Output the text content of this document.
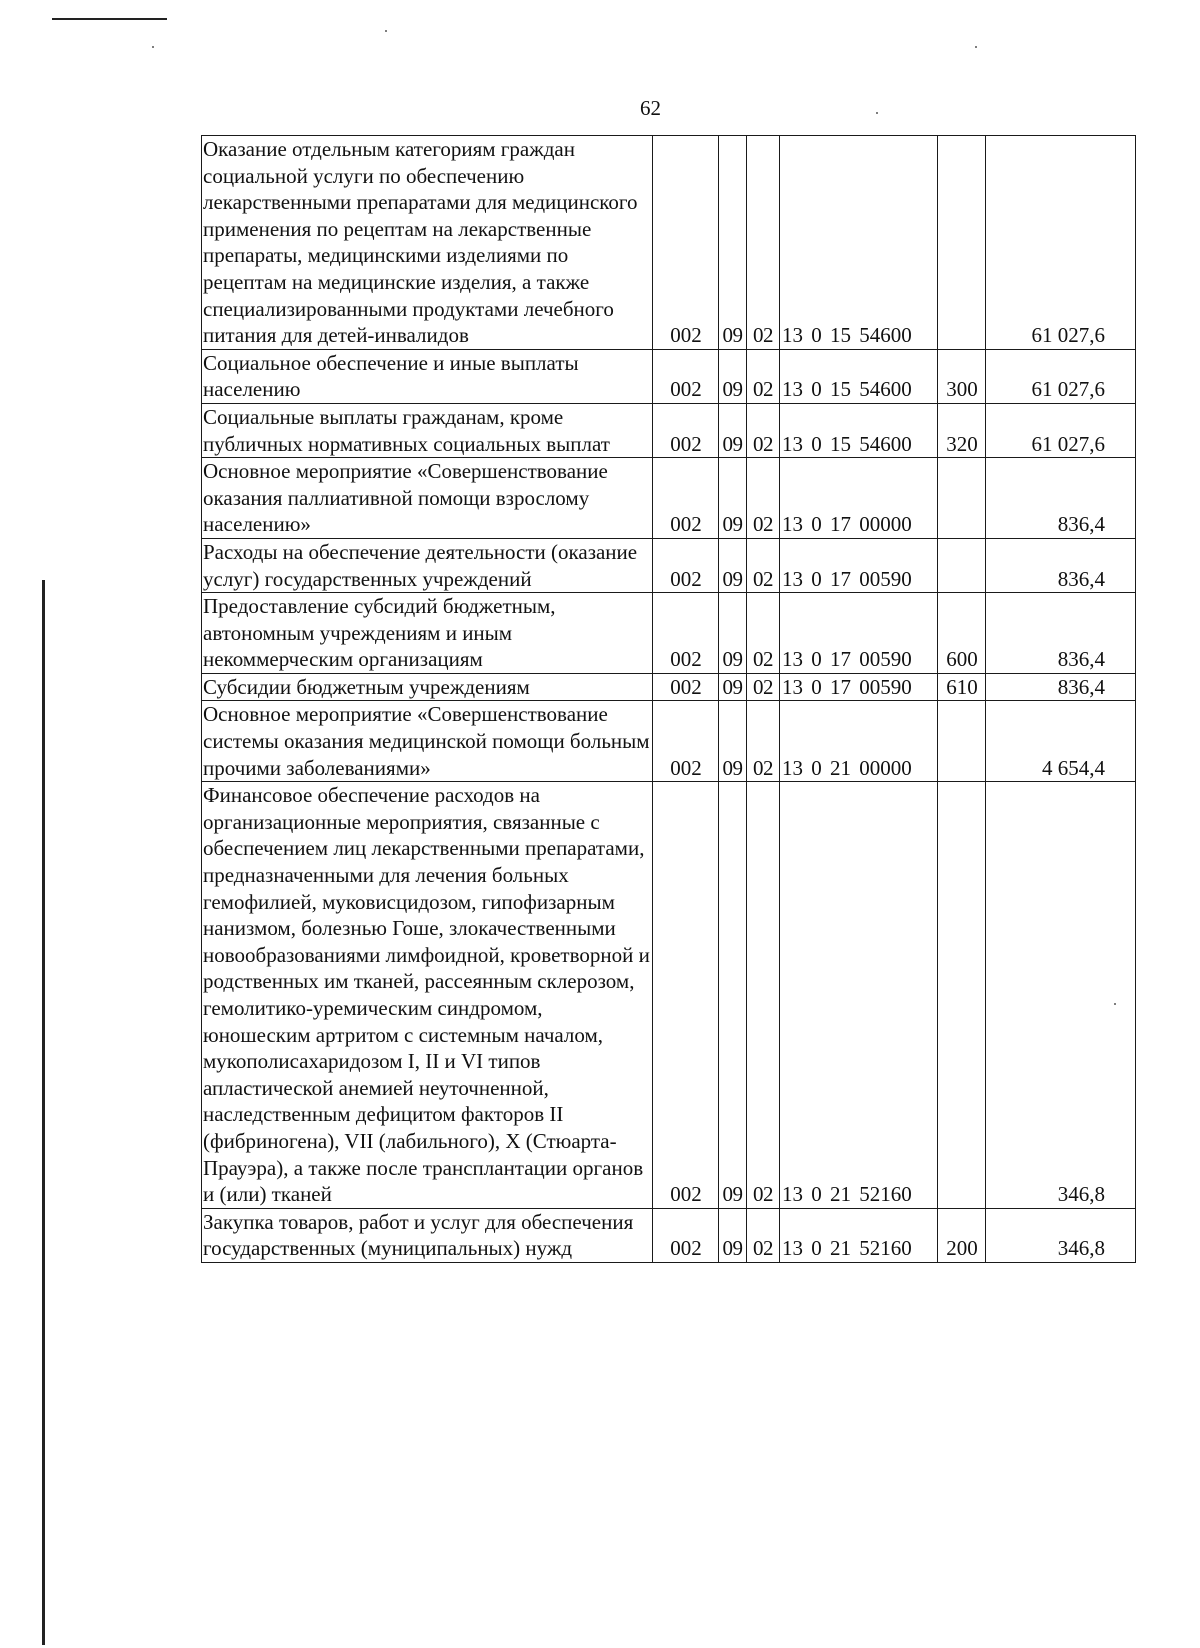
62
Оказание отдельным категориям граждан социальной услуги по обеспечению лекарственными препаратами для медицинского применения по рецептам на лекарственные препараты, медицинскими изделиями по рецептам на медицинские изделия, а также специализированными продуктами лечебного питания для детей-инвалидов	002	09	02	13 0 15 54600		61 027,6
Социальное обеспечение и иные выплаты населению	002	09	02	13 0 15 54600	300	61 027,6
Социальные выплаты гражданам, кроме публичных нормативных социальных выплат	002	09	02	13 0 15 54600	320	61 027,6
Основное мероприятие «Совершенствование оказания паллиативной помощи взрослому населению»	002	09	02	13 0 17 00000		836,4
Расходы на обеспечение деятельности (оказание услуг) государственных учреждений	002	09	02	13 0 17 00590		836,4
Предоставление субсидий бюджетным, автономным учреждениям и иным некоммерческим организациям	002	09	02	13 0 17 00590	600	836,4
Субсидии бюджетным учреждениям	002	09	02	13 0 17 00590	610	836,4
Основное мероприятие «Совершенствование системы оказания медицинской помощи больным прочими заболеваниями»	002	09	02	13 0 21 00000		4 654,4
Финансовое обеспечение расходов на организационные мероприятия, связанные с обеспечением лиц лекарственными препаратами, предназначенными для лечения больных гемофилией, муковисцидозом, гипофизарным нанизмом, болезнью Гоше, злокачественными новообразованиями лимфоидной, кроветворной и родственных им тканей, рассеянным склерозом, гемолитико-уремическим синдромом, юношеским артритом с системным началом, мукополисахаридозом I, II и VI типов апластической анемией неуточненной, наследственным дефицитом факторов II (фибриногена), VII (лабильного), X (Стюарта-Прауэра), а также после трансплантации органов и (или) тканей	002	09	02	13 0 21 52160		346,8
Закупка товаров, работ и услуг для обеспечения государственных (муниципальных) нужд	002	09	02	13 0 21 52160	200	346,8
